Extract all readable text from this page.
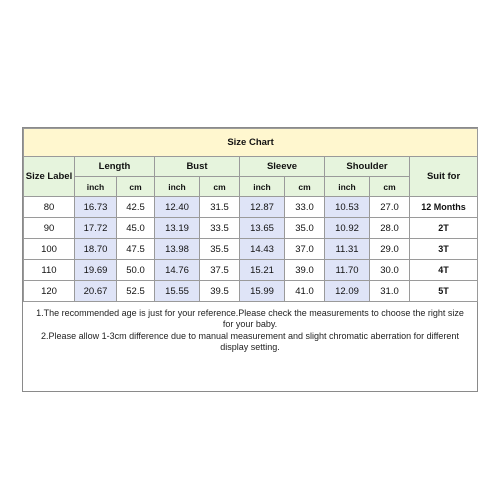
Size Chart									
Size Label	Length		Bust		Sleeve		Shoulder		Suit for
	inch	cm	inch	cm	inch	cm	inch	cm	
80	16.73	42.5	12.40	31.5	12.87	33.0	10.53	27.0	12 Months
90	17.72	45.0	13.19	33.5	13.65	35.0	10.92	28.0	2T
100	18.70	47.5	13.98	35.5	14.43	37.0	11.31	29.0	3T
110	19.69	50.0	14.76	37.5	15.21	39.0	11.70	30.0	4T
120	20.67	52.5	15.55	39.5	15.99	41.0	12.09	31.0	5T

1.The recommended age is just for your reference.Please check the measurements to choose the right size for your baby.

2.Please allow 1-3cm difference due to manual measurement and slight chromatic aberration for different display setting.
